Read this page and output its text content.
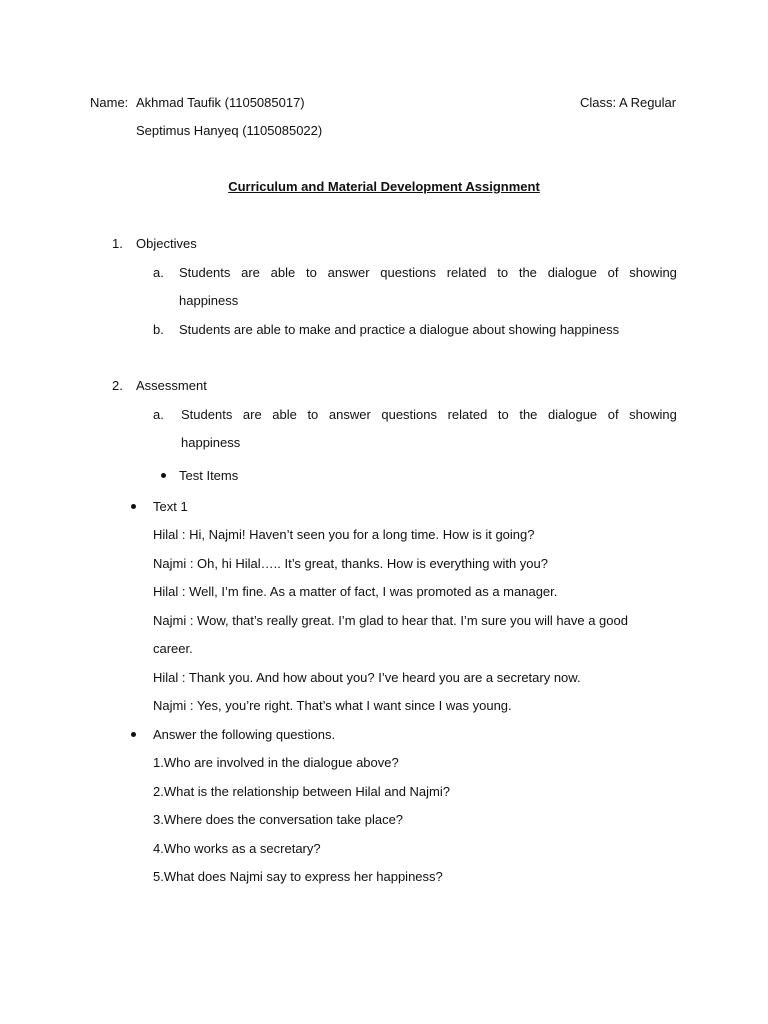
Name: Akhmad Taufik (1105085017)	Class: A Regular
Septimus Hanyeq (1105085022)
Curriculum and Material Development Assignment
1. Objectives
a. Students are able to answer questions related to the dialogue of showing
happiness
b. Students are able to make and practice a dialogue about showing happiness
2. Assessment
a. Students are able to answer questions related to the dialogue of showing
happiness
Test Items
Text 1
Hilal : Hi, Najmi! Haven’t seen you for a long time. How is it going?
Najmi : Oh, hi Hilal….. It’s great, thanks. How is everything with you?
Hilal : Well, I’m fine. As a matter of fact, I was promoted as a manager.
Najmi : Wow, that’s really great. I’m glad to hear that. I’m sure you will have a good
career.
Hilal : Thank you. And how about you? I’ve heard you are a secretary now.
Najmi : Yes, you’re right. That’s what I want since I was young.
Answer the following questions.
1.Who are involved in the dialogue above?
2.What is the relationship between Hilal and Najmi?
3.Where does the conversation take place?
4.Who works as a secretary?
5.What does Najmi say to express her happiness?
